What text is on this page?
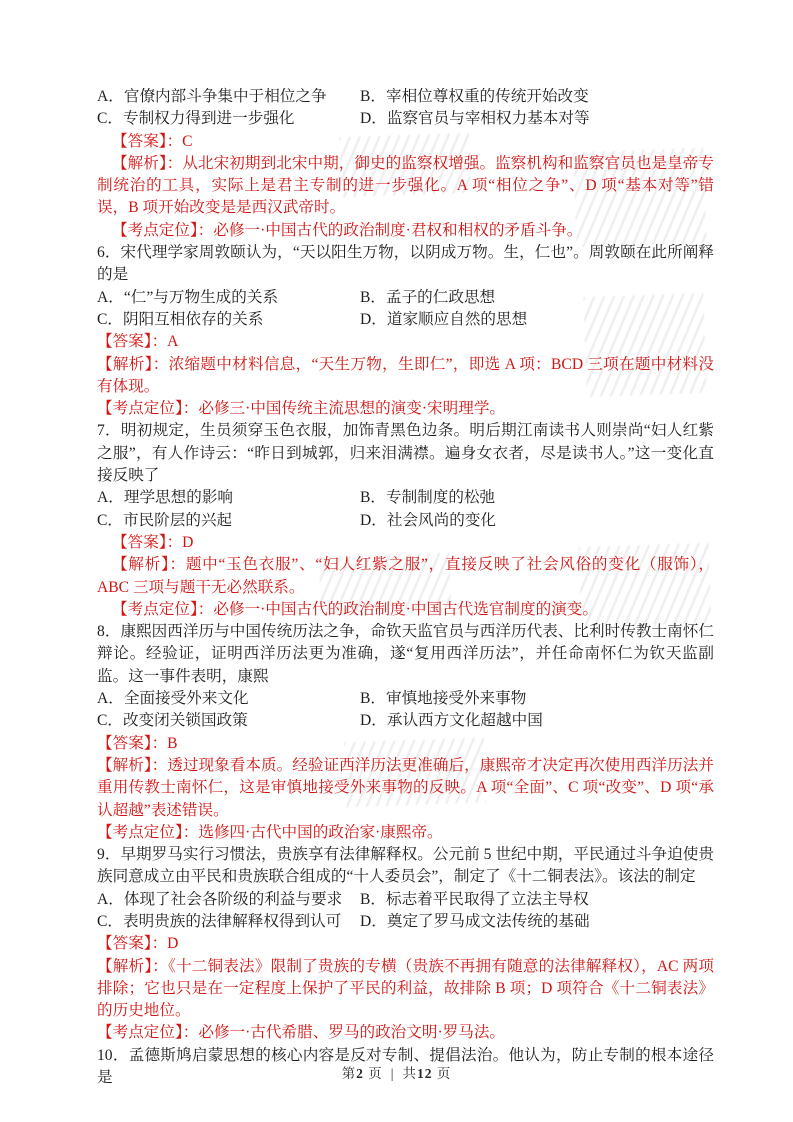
A．官僚内部斗争集中于相位之争	B．宰相位尊权重的传统开始改变

C．专制权力得到进一步强化	D．监察官员与宰相权力基本对等

【答案】：C

【解析】：从北宋初期到北宋中期，御史的监察权增强。监察机构和监察官员也是皇帝专制统治的工具，实际上是君主专制的进一步强化。A 项“相位之争”、D 项“基本对等”错误，B 项开始改变是是西汉武帝时。

【考点定位】：必修一·中国古代的政治制度·君权和相权的矛盾斗争。

6．宋代理学家周敦颐认为，“天以阳生万物，以阴成万物。生，仁也”。周敦颐在此所阐释的是

A．“仁”与万物生成的关系	B．孟子的仁政思想

C．阴阳互相依存的关系	D．道家顺应自然的思想

【答案】：A

【解析】：浓缩题中材料信息，“天生万物，生即仁”，即选 A 项：BCD 三项在题中材料没有体现。

【考点定位】：必修三·中国传统主流思想的演变·宋明理学。

7．明初规定，生员须穿玉色衣服，加饰青黑色边条。明后期江南读书人则崇尚“妇人红紫之服”，有人作诗云：“昨日到城郭，归来泪满襟。遍身女衣者，尽是读书人。”这一变化直接反映了

A．理学思想的影响	B．专制制度的松弛

C．市民阶层的兴起	D．社会风尚的变化

【答案】：D

【解析】：题中“玉色衣服”、“妇人红紫之服”，直接反映了社会风俗的变化（服饰），ABC 三项与题干无必然联系。

【考点定位】：必修一·中国古代的政治制度·中国古代选官制度的演变。

8．康熙因西洋历与中国传统历法之争，命钦天监官员与西洋历代表、比利时传教士南怀仁辩论。经验证，证明西洋历法更为准确，遂“复用西洋历法”，并任命南怀仁为钦天监副监。这一事件表明，康熙

A．全面接受外来文化	B．审慎地接受外来事物

C．改变闭关锁国政策	D．承认西方文化超越中国

【答案】：B

【解析】：透过现象看本质。经验证西洋历法更准确后，康熙帝才决定再次使用西洋历法并重用传教士南怀仁，这是审慎地接受外来事物的反映。A 项“全面”、C 项“改变”、D 项“承认超越”表述错误。

【考点定位】：选修四·古代中国的政治家·康熙帝。

9．早期罗马实行习惯法，贵族享有法律解释权。公元前 5 世纪中期，平民通过斗争迫使贵族同意成立由平民和贵族联合组成的“十人委员会”，制定了《十二铜表法》。该法的制定

A．体现了社会各阶级的利益与要求	B．标志着平民取得了立法主导权

C．表明贵族的法律解释权得到认可	D．奠定了罗马成文法传统的基础

【答案】：D

【解析】：《十二铜表法》限制了贵族的专横（贵族不再拥有随意的法律解释权），AC 两项排除；它也只是在一定程度上保护了平民的利益，故排除 B 项；D 项符合《十二铜表法》的历史地位。

【考点定位】：必修一·古代希腊、罗马的政治文明·罗马法。

10．孟德斯鸠启蒙思想的核心内容是反对专制、提倡法治。他认为，防止专制的根本途径是	第2 页 | 共12 页
